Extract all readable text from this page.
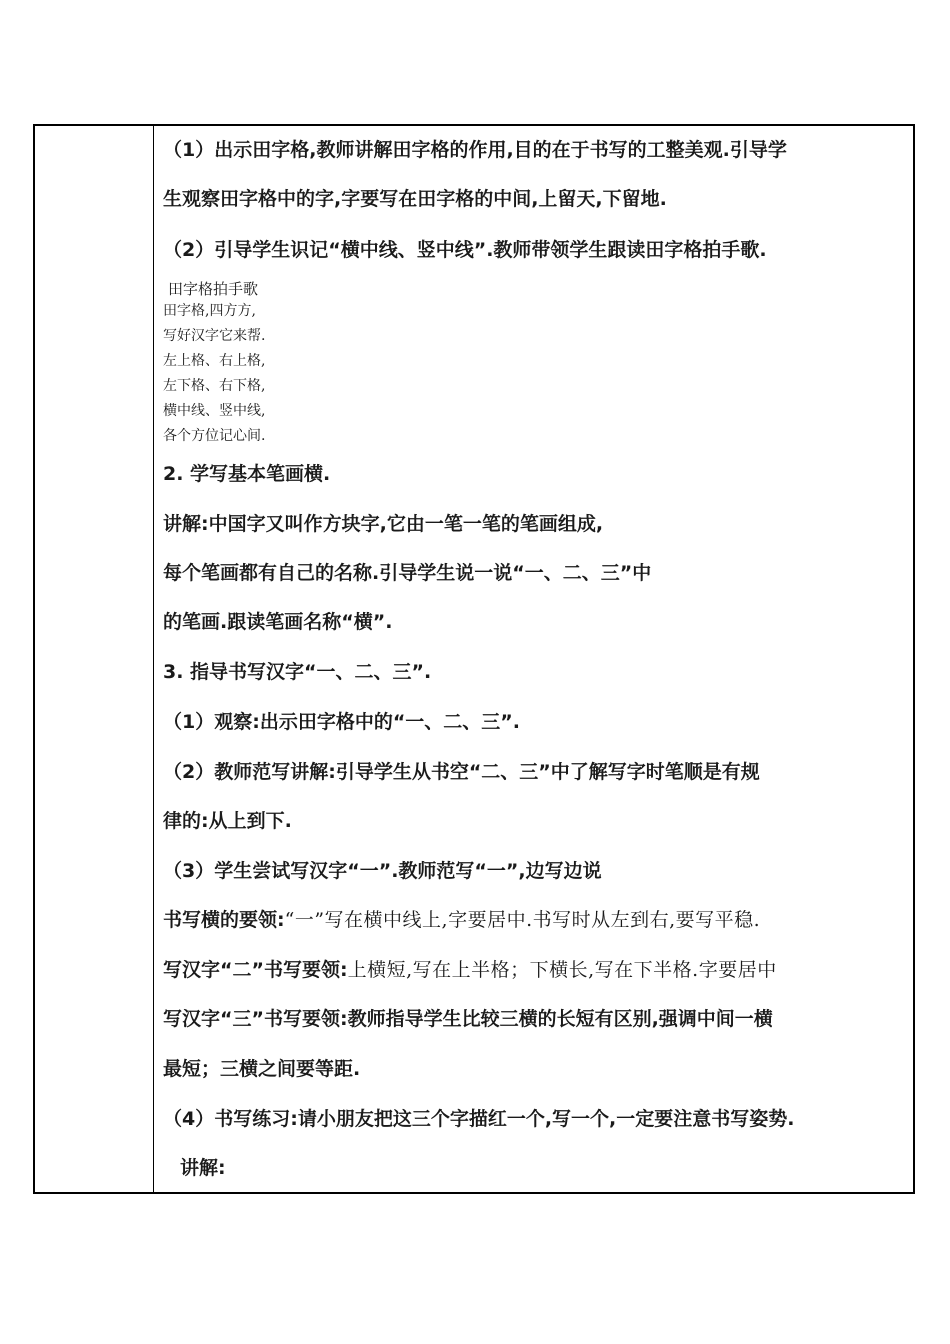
（1）出示田字格,教师讲解田字格的作用,目的在于书写的工整美观.引导学
生观察田字格中的字,字要写在田字格的中间,上留天,下留地.
（2）引导学生识记“横中线、竖中线”.教师带领学生跟读田字格拍手歌.
田字格拍手歌
田字格,四方方,
写好汉字它来帮.
左上格、右上格,
左下格、右下格,
横中线、竖中线,
各个方位记心间.
2. 学写基本笔画横.
讲解:中国字又叫作方块字,它由一笔一笔的笔画组成,
每个笔画都有自己的名称.引导学生说一说“一、二、三”中
的笔画.跟读笔画名称“横”.
3. 指导书写汉字“一、二、三”.
（1）观察:出示田字格中的“一、二、三”.
（2）教师范写讲解:引导学生从书空“二、三”中了解写字时笔顺是有规
律的:从上到下.
（3）学生尝试写汉字“一”.教师范写“一”,边写边说
书写横的要领:“一”写在横中线上,字要居中.书写时从左到右,要写平稳.
写汉字“二”书写要领:上横短,写在上半格；下横长,写在下半格.字要居中
写汉字“三”书写要领:教师指导学生比较三横的长短有区别,强调中间一横
最短；三横之间要等距.
（4）书写练习:请小朋友把这三个字描红一个,写一个,一定要注意书写姿势.
讲解:
